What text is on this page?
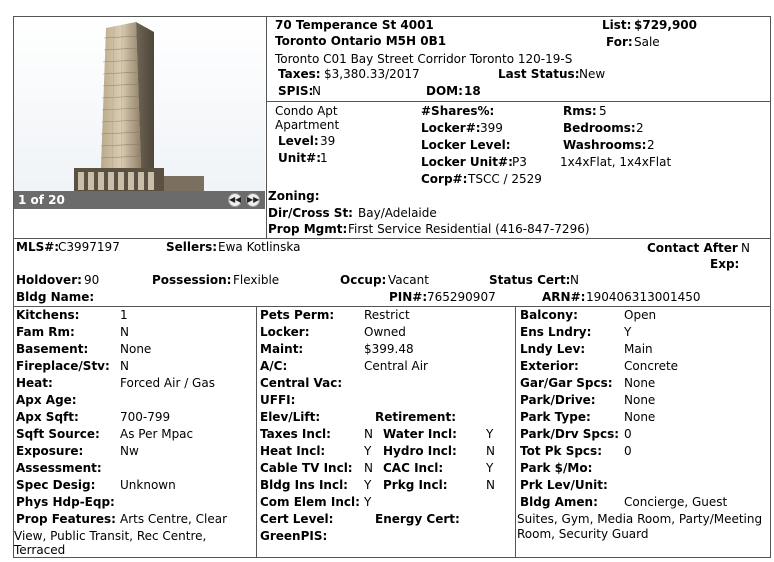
1 of 20	◀◀ ▶▶
70 Temperance St 4001
Toronto Ontario M5H 0B1
Toronto C01 Bay Street Corridor Toronto 120-19-S
List: $729,900
For: Sale
Taxes: $3,380.33/2017	Last Status: New
SPIS:
N	DOM: 18
Condo Apt
Apartment
Level: 39
Unit#: 1
#Shares%:
Locker#: 399
Locker Level:
Locker Unit#: P3
Corp#: TSCC / 2529
Rms: 5
Bedrooms: 2
Washrooms: 2
1x4xFlat, 1x4xFlat
Zoning:
Dir/Cross St: Bay/Adelaide
Prop Mgmt: First Service Residential (416-847-7296)
MLS#:
C3997197	Sellers: Ewa Kotlinska	Contact After N
Exp:
Holdover: 90	Possession: Flexible	Occup: Vacant	Status Cert: N
Bldg Name:	PIN#: 765290907	ARN#: 190406313001450
Kitchens:	1
Fam Rm:	N
Basement:	None
Fireplace/Stv: N
Heat:	Forced Air / Gas
Apx Age:
Apx Sqft:	700-799
Sqft Source: As Per Mpac
Exposure:	Nw
Assessment:
Spec Desig: Unknown
Phys Hdp-Eqp:
Prop Features: Arts Centre, Clear
View, Public Transit, Rec Centre,
Terraced
Pets Perm: Restrict
Locker:	Owned
Maint:	$399.48
A/C:	Central Air
Central Vac:
UFFI:
Elev/Lift:	Retirement:
Taxes Incl:	N Water Incl: Y
Heat Incl:	Y Hydro Incl: N
Cable TV Incl: N CAC Incl:	Y
Bldg Ins Incl: Y Prkg Incl:	N
Com Elem Incl: Y
Cert Level:	Energy Cert:
GreenPIS:
Balcony:	Open
Ens Lndry:	Y
Lndy Lev:	Main
Exterior:	Concrete
Gar/Gar Spcs: None
Park/Drive: None
Park Type:	None
Park/Drv Spcs: 0
Tot Pk Spcs: 0
Park $/Mo:
Prk Lev/Unit:
Bldg Amen: Concierge, Guest
Suites, Gym, Media Room, Party/Meeting
Room, Security Guard
